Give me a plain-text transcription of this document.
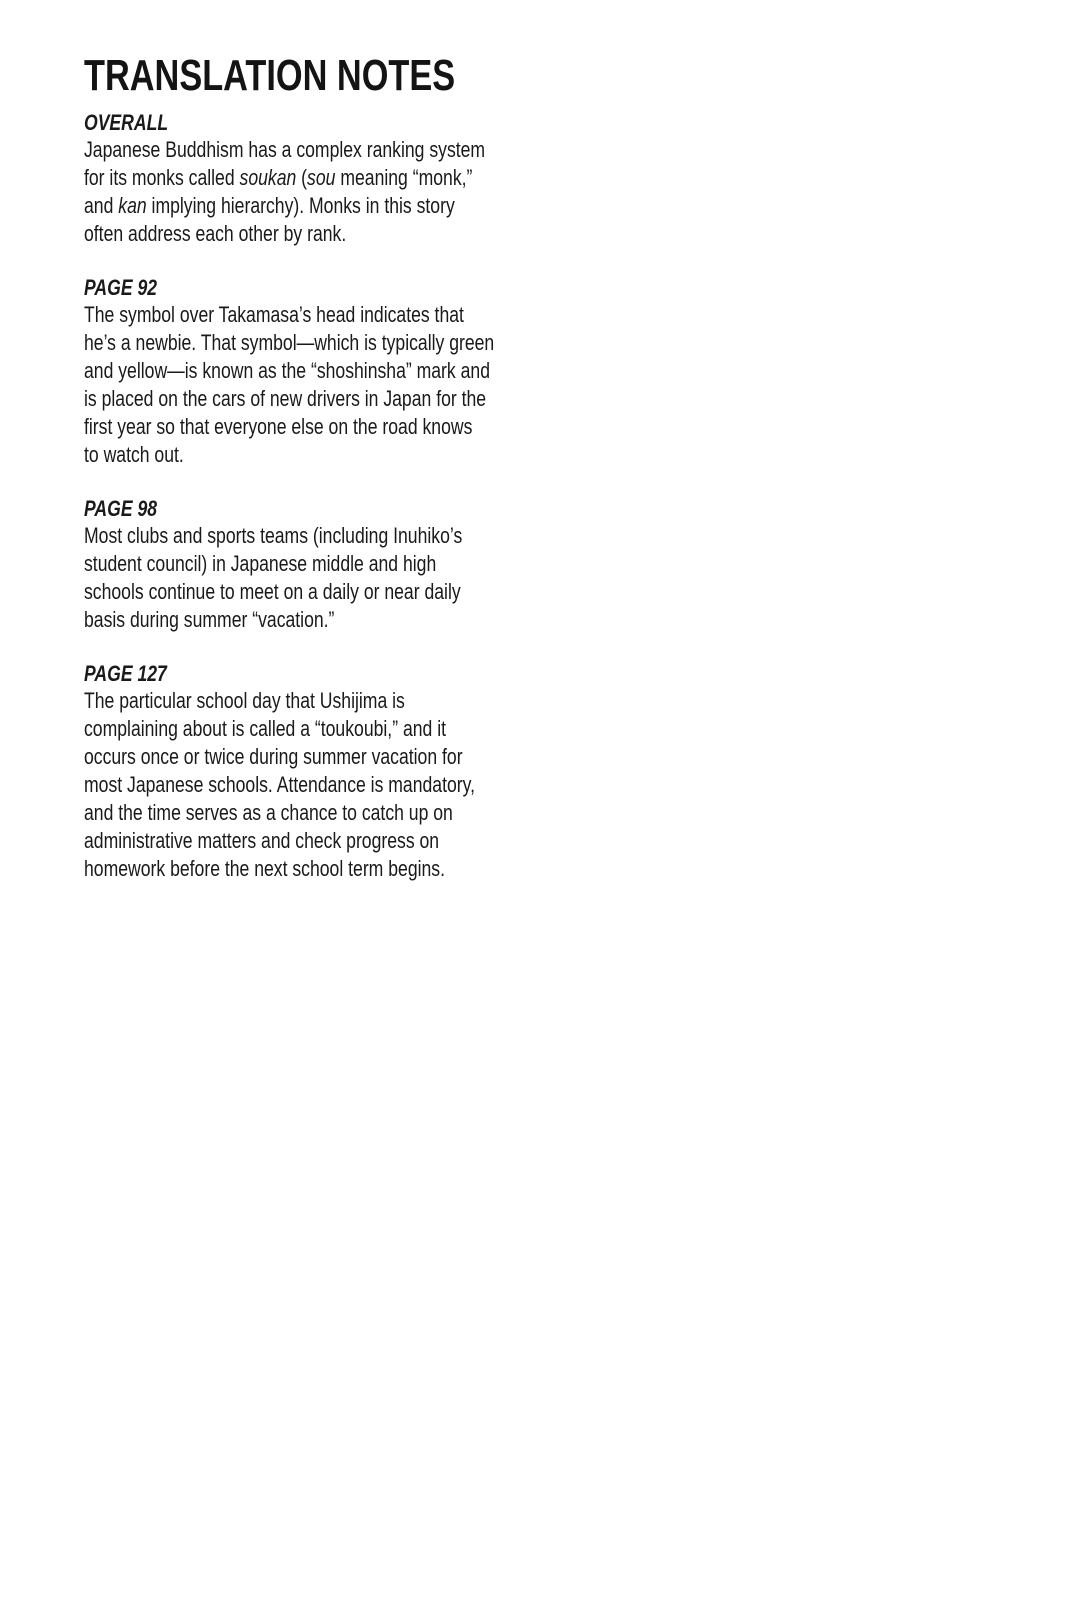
TRANSLATION NOTES
OVERALL

Japanese Buddhism has a complex ranking system
for its monks called soukan (sou meaning “monk,”
and kan implying hierarchy). Monks in this story
often address each other by rank.

PAGE 92

The symbol over Takamasa’s head indicates that
he’s a newbie. That symbol—which is typically green
and yellow—is known as the “shoshinsha” mark and
is placed on the cars of new drivers in Japan for the
first year so that everyone else on the road knows
to watch out.

PAGE 98

Most clubs and sports teams (including Inuhiko’s
student council) in Japanese middle and high
schools continue to meet on a daily or near daily
basis during summer “vacation.”

PAGE 127

The particular school day that Ushijima is
complaining about is called a “toukoubi,” and it
occurs once or twice during summer vacation for
most Japanese schools. Attendance is mandatory,
and the time serves as a chance to catch up on
administrative matters and check progress on
homework before the next school term begins.
